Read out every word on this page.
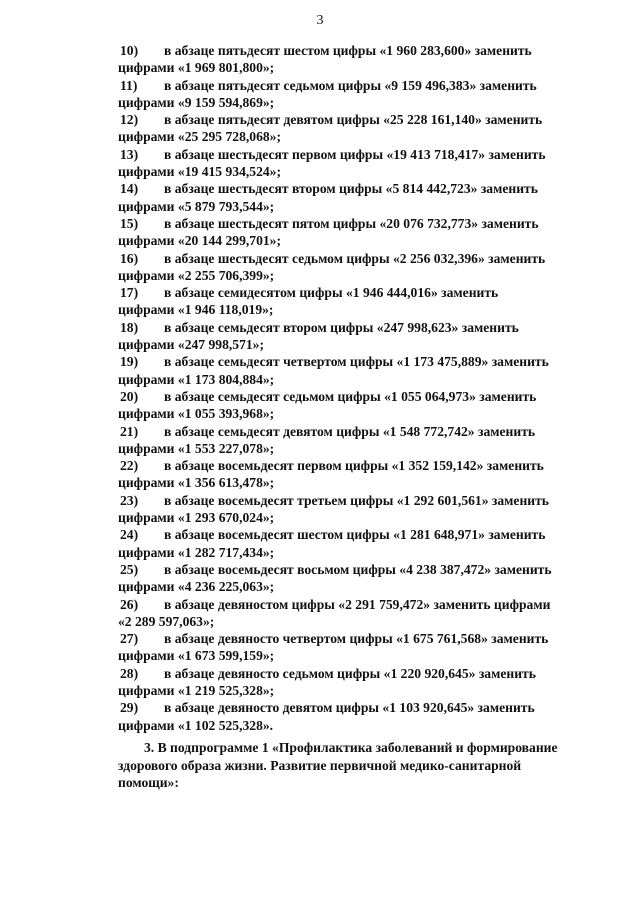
3
10)	в абзаце пятьдесят шестом цифры «1 960 283,600» заменить
цифрами «1 969 801,800»;
11)	в абзаце пятьдесят седьмом цифры «9 159 496,383» заменить
цифрами «9 159 594,869»;
12)	в абзаце пятьдесят девятом цифры «25 228 161,140» заменить
цифрами «25 295 728,068»;
13)	в абзаце шестьдесят первом цифры «19 413 718,417» заменить
цифрами «19 415 934,524»;
14)	в абзаце шестьдесят втором цифры «5 814 442,723» заменить
цифрами «5 879 793,544»;
15)	в абзаце шестьдесят пятом цифры «20 076 732,773» заменить
цифрами «20 144 299,701»;
16)	в абзаце шестьдесят седьмом цифры «2 256 032,396» заменить
цифрами «2 255 706,399»;
17)	в абзаце семидесятом цифры «1 946 444,016» заменить
цифрами «1 946 118,019»;
18)	в абзаце семьдесят втором цифры «247 998,623» заменить
цифрами «247 998,571»;
19)	в абзаце семьдесят четвертом цифры «1 173 475,889» заменить
цифрами «1 173 804,884»;
20)	в абзаце семьдесят седьмом цифры «1 055 064,973» заменить
цифрами «1 055 393,968»;
21)	в абзаце семьдесят девятом цифры «1 548 772,742» заменить
цифрами «1 553 227,078»;
22)	в абзаце восемьдесят первом цифры «1 352 159,142» заменить
цифрами «1 356 613,478»;
23)	в абзаце восемьдесят третьем цифры «1 292 601,561» заменить
цифрами «1 293 670,024»;
24)	в абзаце восемьдесят шестом цифры «1 281 648,971» заменить
цифрами «1 282 717,434»;
25)	в абзаце восемьдесят восьмом цифры «4 238 387,472» заменить
цифрами «4 236 225,063»;
26)	в абзаце девяностом цифры «2 291 759,472» заменить цифрами
«2 289 597,063»;
27)	в абзаце девяносто четвертом цифры «1 675 761,568» заменить
цифрами «1 673 599,159»;
28)	в абзаце девяносто седьмом цифры «1 220 920,645» заменить
цифрами «1 219 525,328»;
29)	в абзаце девяносто девятом цифры «1 103 920,645» заменить
цифрами «1 102 525,328».
3. В подпрограмме 1 «Профилактика заболеваний и формирование
здорового образа жизни. Развитие первичной медико-санитарной
помощи»:
